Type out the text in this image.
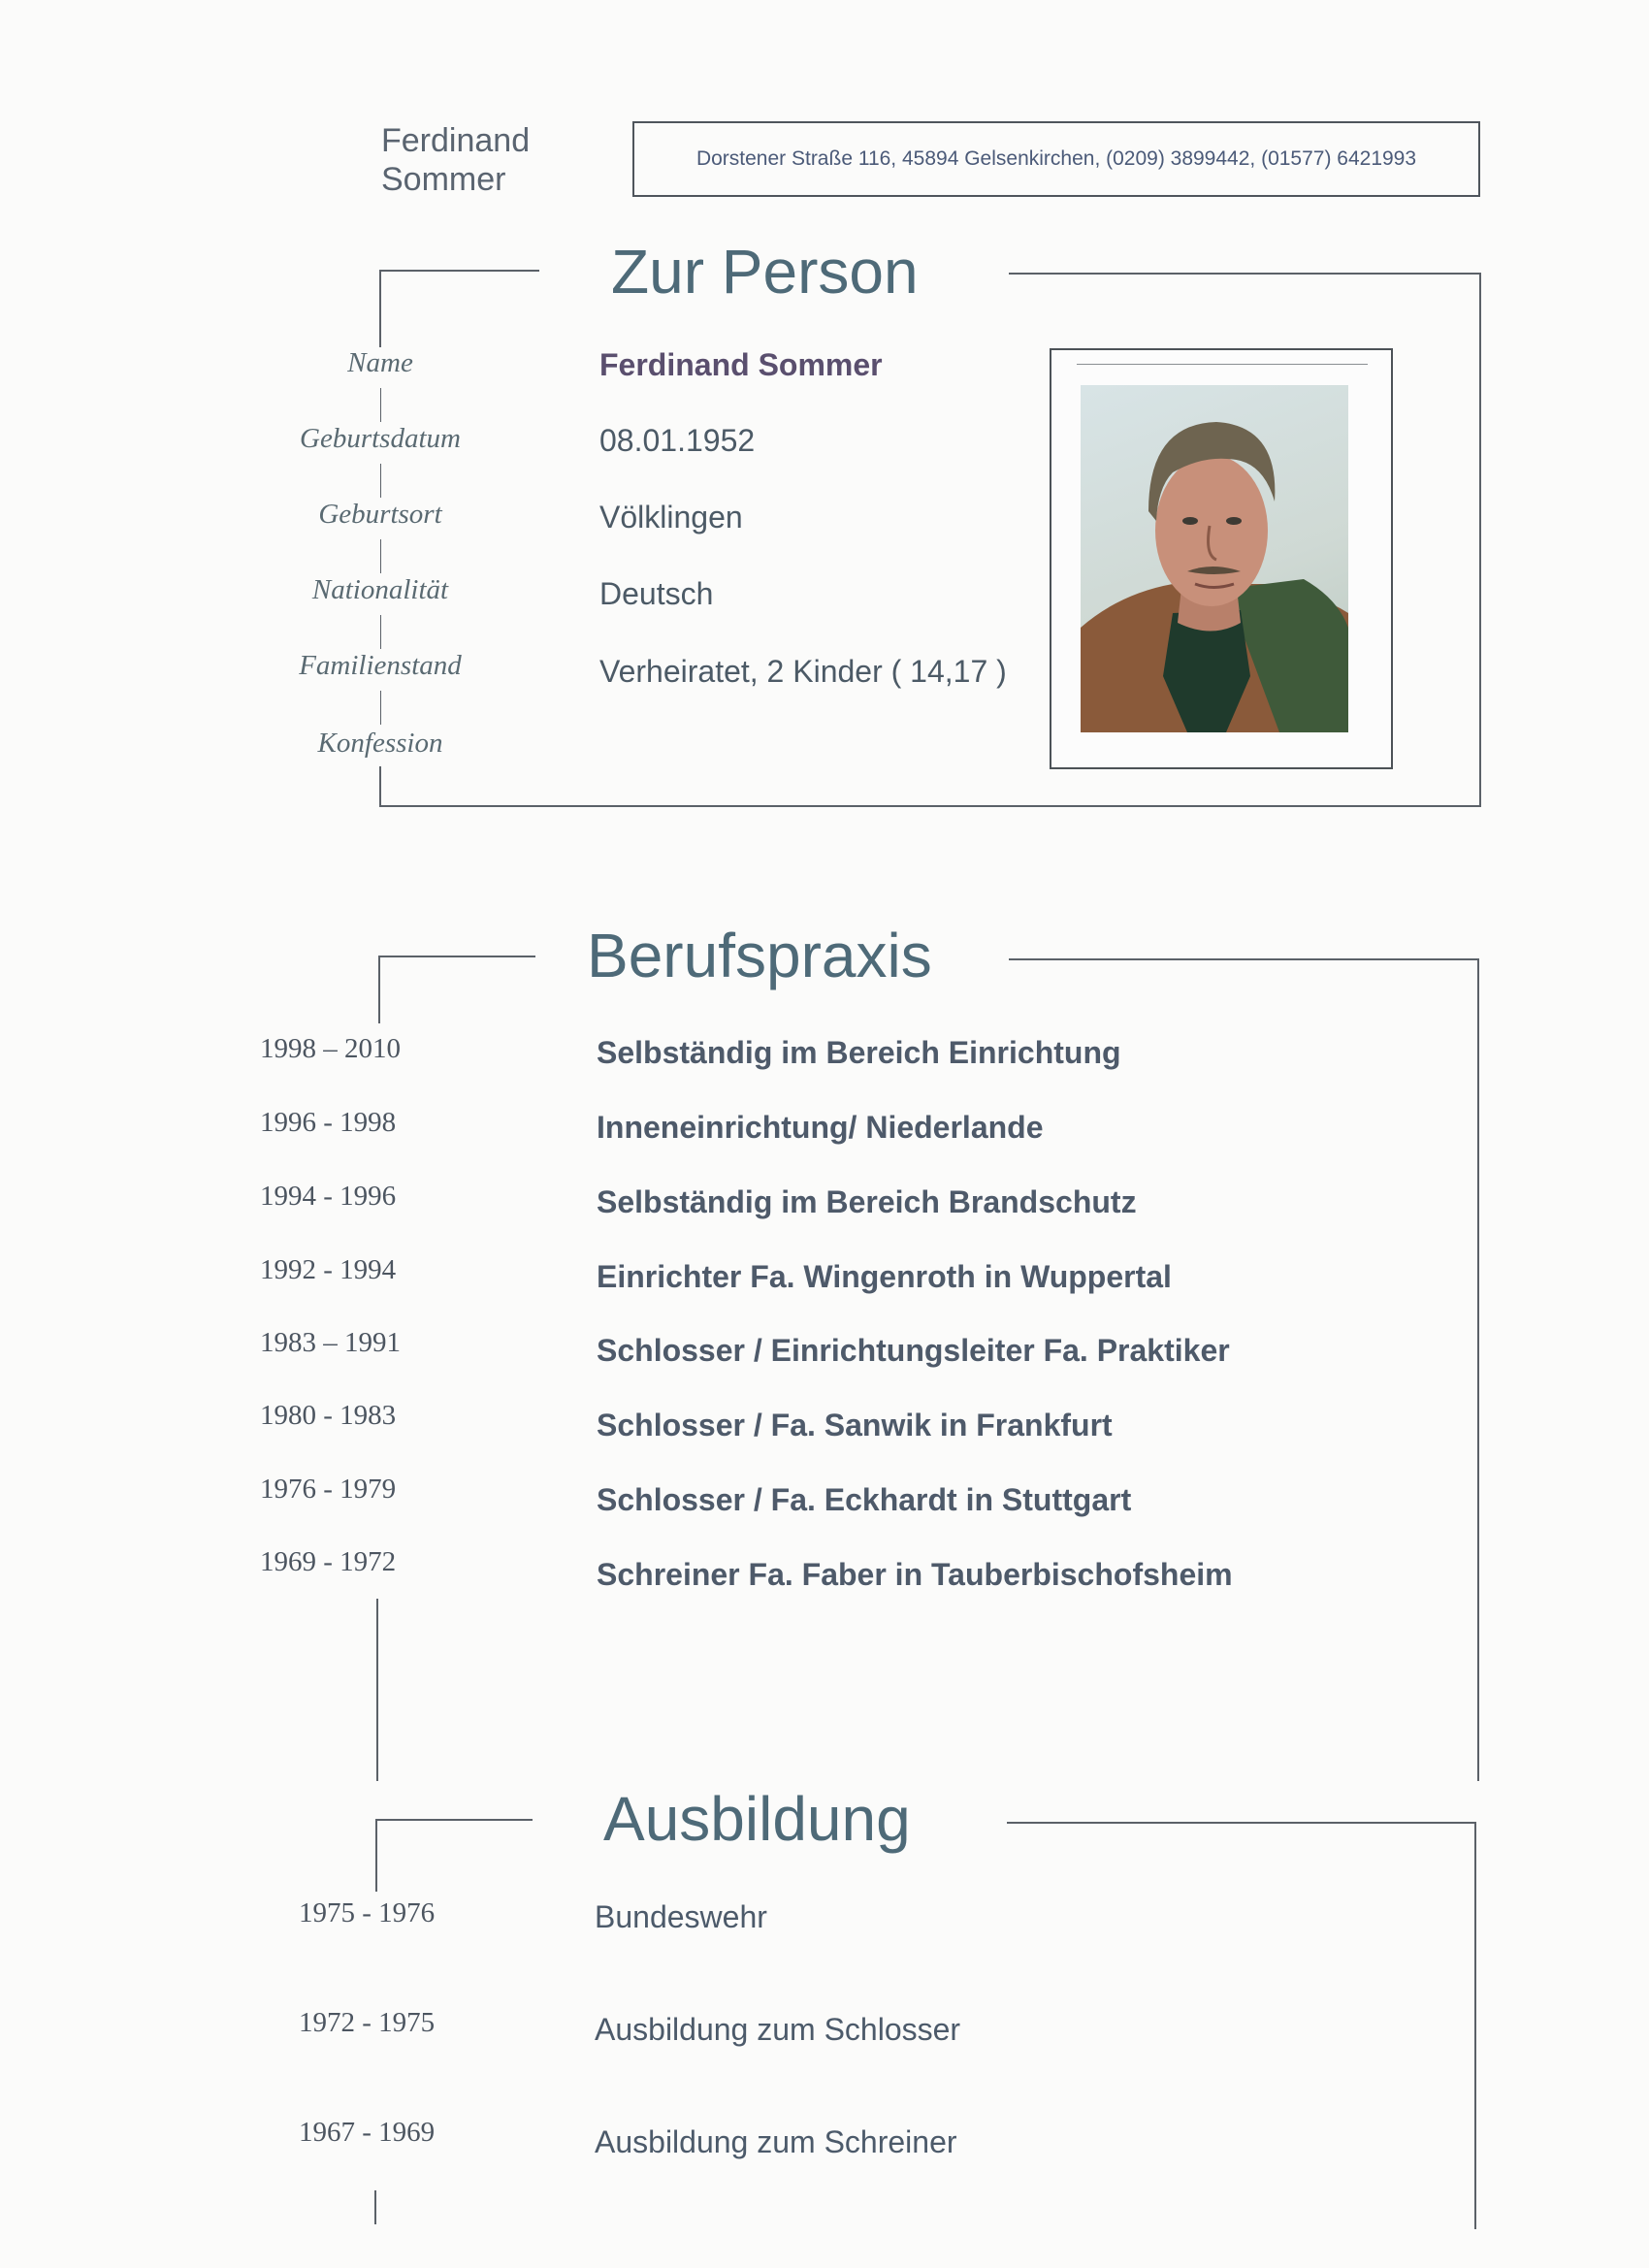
Ferdinand
Sommer
Dorstener Straße 116, 45894 Gelsenkirchen, (0209) 3899442, (01577) 6421993
Zur Person
Name
Geburtsdatum
Geburtsort
Nationalität
Familienstand
Konfession
Ferdinand Sommer
08.01.1952
Völklingen
Deutsch
Verheiratet, 2 Kinder ( 14,17 )
Berufspraxis
1998 – 2010
1996 - 1998
1994 - 1996
1992 - 1994
1983 – 1991
1980 - 1983
1976 - 1979
1969 - 1972
Selbständig im Bereich Einrichtung
Inneneinrichtung/ Niederlande
Selbständig im Bereich Brandschutz
Einrichter Fa. Wingenroth in Wuppertal
Schlosser / Einrichtungsleiter Fa. Praktiker
Schlosser / Fa. Sanwik in Frankfurt
Schlosser / Fa. Eckhardt in Stuttgart
Schreiner Fa. Faber in Tauberbischofsheim
Ausbildung
1975 - 1976
1972 - 1975
1967 - 1969
Bundeswehr
Ausbildung zum Schlosser
Ausbildung zum Schreiner
